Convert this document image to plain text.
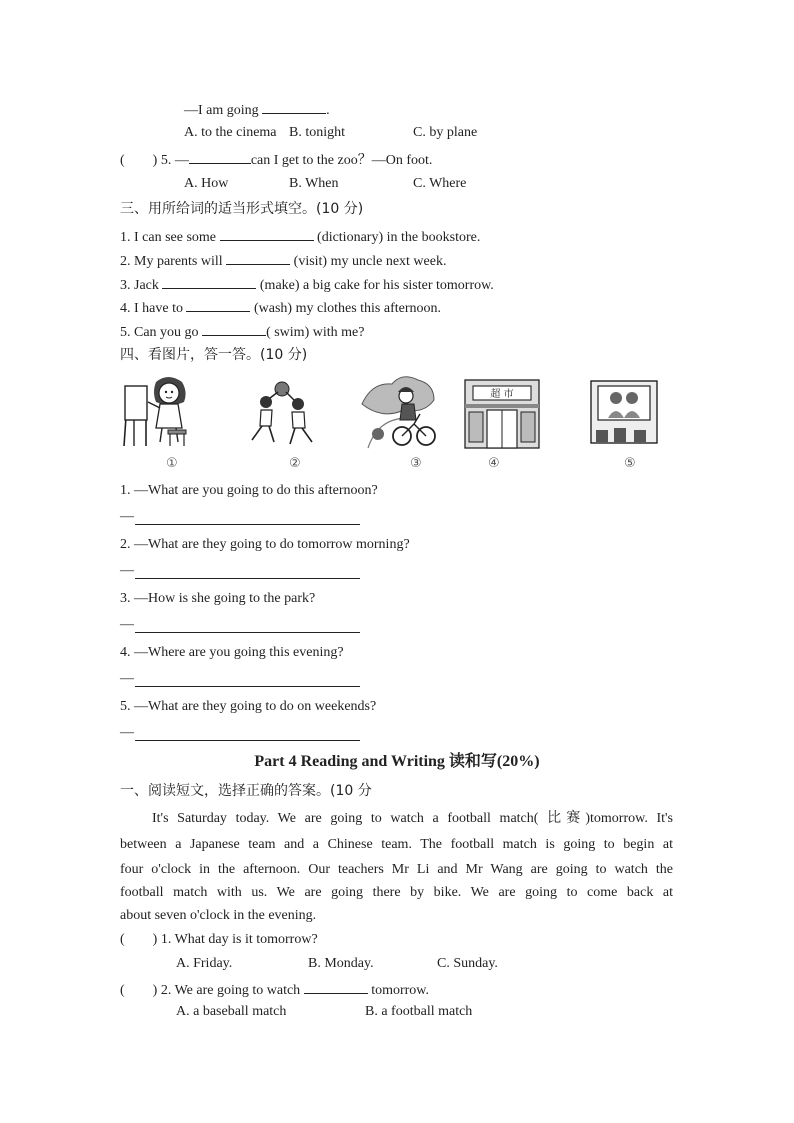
—I am going	.
A. to the cinema B. tonight	C. by plane
(        ) 5. —	can I get to the zoo？—On foot.
A. How	B. When	C. Where
三、用所给词的适当形式填空。(10 分)
1. I can see some	(dictionary) in the bookstore.
2. My parents will	(visit) my uncle next week.
3. Jack	(make) a big cake for his sister tomorrow.
4. I have to	(wash) my clothes this afternoon.
5. Can you go	( swim) with me?
四、看图片，答一答。(10 分)
①	②	③
超 市
④	⑤
1. —What are you going to do this afternoon?
—
2. —What are they going to do tomorrow morning?
—
3. —How is she going to the park?
—
4. —Where are you going this evening?
—
5. —What are they going to do on weekends?
—
Part 4 Reading and Writing 读和写(20%)
一、阅读短文，选择正确的答案。(10 分
It's Saturday today. We are going to watch a football match( 比赛)tomorrow. It's
between a Japanese team and a Chinese team. The football match is going to begin at
four o'clock in the afternoon. Our teachers Mr Li and Mr Wang are going to watch the
football match with us. We are going there by bike. We are going to come back at
about seven o'clock in the evening.
(        ) 1. What day is it tomorrow?
A. Friday.	B. Monday.	C. Sunday.
(        ) 2. We are going to watch	tomorrow.
A. a baseball match	B. a football match
